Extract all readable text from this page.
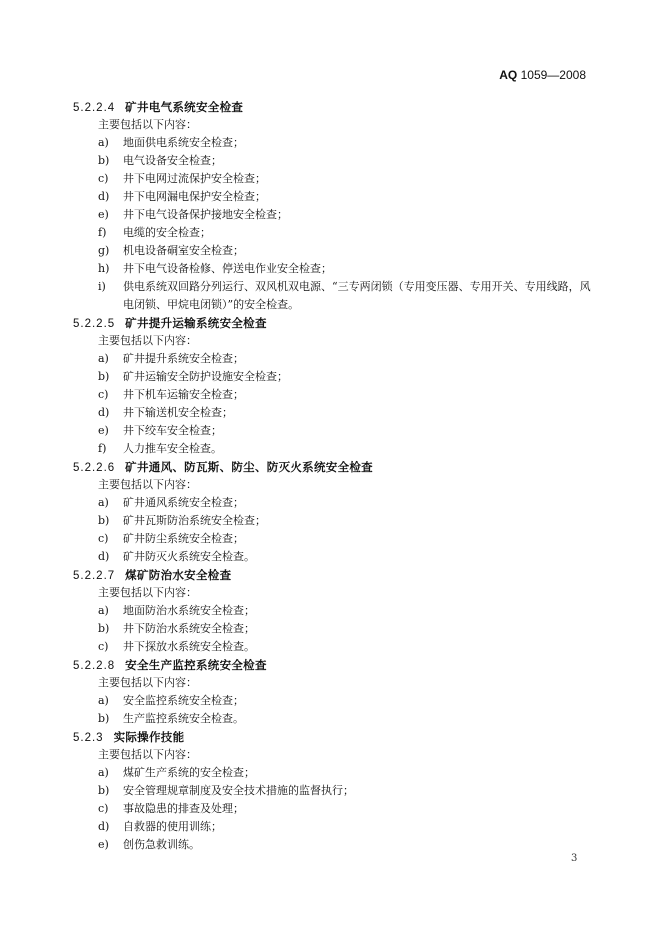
AQ 1059—2008
5.2.2.4 矿井电气系统安全检查
主要包括以下内容：
a)	地面供电系统安全检查；
b)	电气设备安全检查；
c)	井下电网过流保护安全检查；
d)	井下电网漏电保护安全检查；
e)	井下电气设备保护接地安全检查；
f)	电缆的安全检查；
g)	机电设备硐室安全检查；
h)	井下电气设备检修、停送电作业安全检查；
i)	供电系统双回路分列运行、双风机双电源、“三专两闭锁（专用变压器、专用开关、专用线路，风电闭锁、甲烷电闭锁）”的安全检查。
5.2.2.5 矿井提升运输系统安全检查
主要包括以下内容：
a)	矿井提升系统安全检查；
b)	矿井运输安全防护设施安全检查；
c)	井下机车运输安全检查；
d)	井下输送机安全检查；
e)	井下绞车安全检查；
f)	人力推车安全检查。
5.2.2.6 矿井通风、防瓦斯、防尘、防灭火系统安全检查
主要包括以下内容：
a)	矿井通风系统安全检查；
b)	矿井瓦斯防治系统安全检查；
c)	矿井防尘系统安全检查；
d)	矿井防灭火系统安全检查。
5.2.2.7 煤矿防治水安全检查
主要包括以下内容：
a)	地面防治水系统安全检查；
b)	井下防治水系统安全检查；
c)	井下探放水系统安全检查。
5.2.2.8 安全生产监控系统安全检查
主要包括以下内容：
a)	安全监控系统安全检查；
b)	生产监控系统安全检查。
5.2.3 实际操作技能
主要包括以下内容：
a)	煤矿生产系统的安全检查；
b)	安全管理规章制度及安全技术措施的监督执行；
c)	事故隐患的排查及处理；
d)	自救器的使用训练；
e)	创伤急救训练。
3
